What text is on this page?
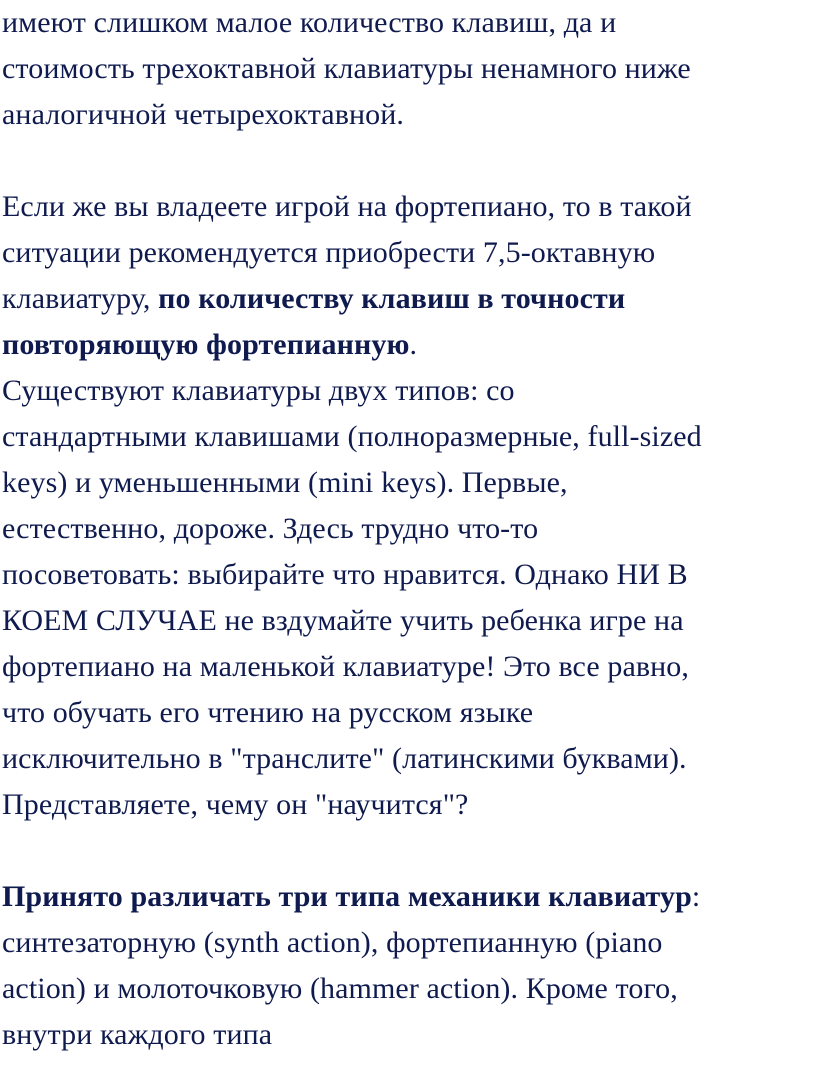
имеют слишком малое количество клавиш, да и
стоимость трехоктавной клавиатуры ненамного ниже
аналогичной четырехоктавной.
Если же вы владеете игрой на фортепиано, то в такой
ситуации рекомендуется приобрести 7,5-октавную
клавиатуру, по количеству клавиш в точности
повторяющую фортепианную.
Существуют клавиатуры двух типов: со
стандартными клавишами (полноразмерные, full-sized
keys) и уменьшенными (mini keys). Первые,
естественно, дороже. Здесь трудно что-то
посоветовать: выбирайте что нравится. Однако НИ В
КОЕМ СЛУЧАЕ не вздумайте учить ребенка игре на
фортепиано на маленькой клавиатуре! Это все равно,
что обучать его чтению на русском языке
исключительно в "транслите" (латинскими буквами).
Представляете, чему он "научится"?
Принято различать три типа механики клавиатур:
синтезаторную (synth action), фортепианную (piano
action) и молоточковую (hammer action). Кроме того,
внутри каждого типа
